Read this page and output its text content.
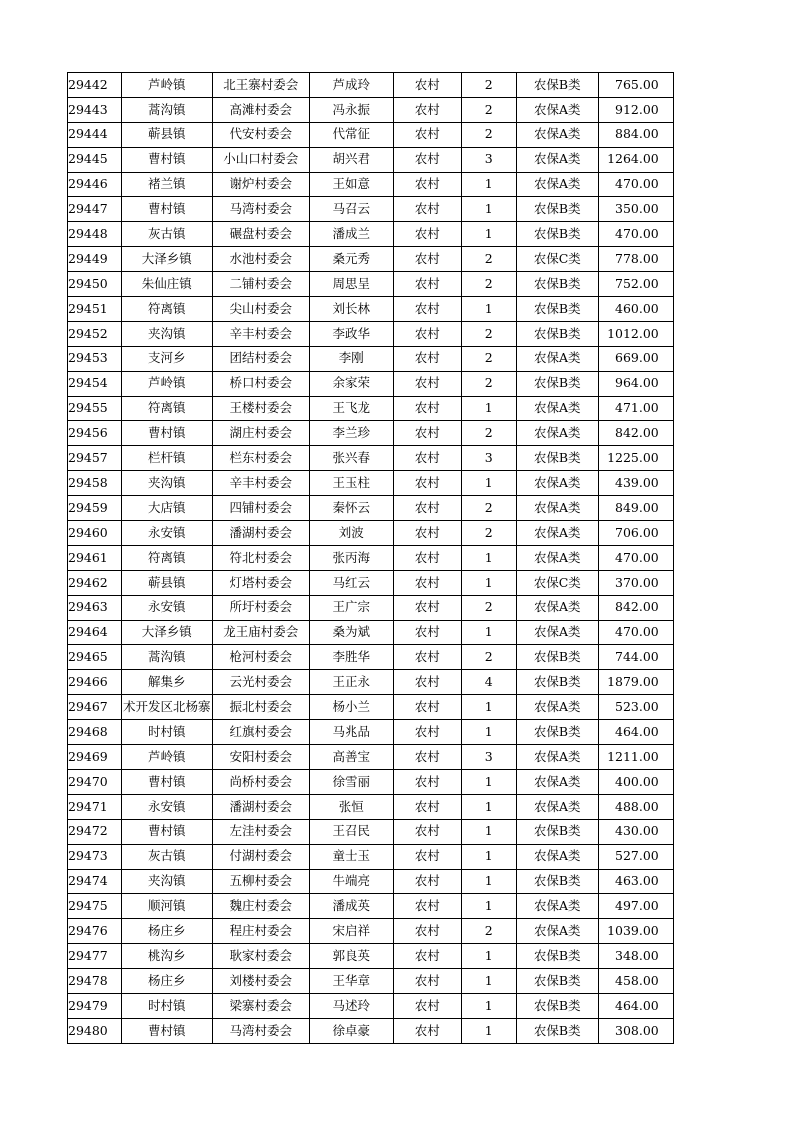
29442	芦岭镇	北王寨村委会	芦成玲	农村	2	农保B类	765.00
29443	蒿沟镇	高滩村委会	冯永振	农村	2	农保A类	912.00
29444	蕲县镇	代安村委会	代常征	农村	2	农保A类	884.00
29445	曹村镇	小山口村委会	胡兴君	农村	3	农保A类	1264.00
29446	褚兰镇	谢炉村委会	王如意	农村	1	农保A类	470.00
29447	曹村镇	马湾村委会	马召云	农村	1	农保B类	350.00
29448	灰古镇	碾盘村委会	潘成兰	农村	1	农保B类	470.00
29449	大泽乡镇	水池村委会	桑元秀	农村	2	农保C类	778.00
29450	朱仙庄镇	二铺村委会	周思呈	农村	2	农保B类	752.00
29451	符离镇	尖山村委会	刘长林	农村	1	农保B类	460.00
29452	夹沟镇	辛丰村委会	李政华	农村	2	农保B类	1012.00
29453	支河乡	团结村委会	李刚	农村	2	农保A类	669.00
29454	芦岭镇	桥口村委会	余家荣	农村	2	农保B类	964.00
29455	符离镇	王楼村委会	王飞龙	农村	1	农保A类	471.00
29456	曹村镇	湖庄村委会	李兰珍	农村	2	农保A类	842.00
29457	栏杆镇	栏东村委会	张兴春	农村	3	农保B类	1225.00
29458	夹沟镇	辛丰村委会	王玉柱	农村	1	农保A类	439.00
29459	大店镇	四铺村委会	秦怀云	农村	2	农保A类	849.00
29460	永安镇	潘湖村委会	刘波	农村	2	农保A类	706.00
29461	符离镇	符北村委会	张丙海	农村	1	农保A类	470.00
29462	蕲县镇	灯塔村委会	马红云	农村	1	农保C类	370.00
29463	永安镇	所圩村委会	王广宗	农村	2	农保A类	842.00
29464	大泽乡镇	龙王庙村委会	桑为斌	农村	1	农保A类	470.00
29465	蒿沟镇	枪河村委会	李胜华	农村	2	农保B类	744.00
29466	解集乡	云光村委会	王正永	农村	4	农保B类	1879.00
29467	术开发区北杨寨	振北村委会	杨小兰	农村	1	农保A类	523.00
29468	时村镇	红旗村委会	马兆品	农村	1	农保B类	464.00
29469	芦岭镇	安阳村委会	高善宝	农村	3	农保A类	1211.00
29470	曹村镇	尚桥村委会	徐雪丽	农村	1	农保A类	400.00
29471	永安镇	潘湖村委会	张恒	农村	1	农保A类	488.00
29472	曹村镇	左洼村委会	王召民	农村	1	农保B类	430.00
29473	灰古镇	付湖村委会	童士玉	农村	1	农保A类	527.00
29474	夹沟镇	五柳村委会	牛端亮	农村	1	农保B类	463.00
29475	顺河镇	魏庄村委会	潘成英	农村	1	农保A类	497.00
29476	杨庄乡	程庄村委会	宋启祥	农村	2	农保A类	1039.00
29477	桃沟乡	耿家村委会	郭良英	农村	1	农保B类	348.00
29478	杨庄乡	刘楼村委会	王华章	农村	1	农保B类	458.00
29479	时村镇	梁寨村委会	马述玲	农村	1	农保B类	464.00
29480	曹村镇	马湾村委会	徐卓豪	农村	1	农保B类	308.00
